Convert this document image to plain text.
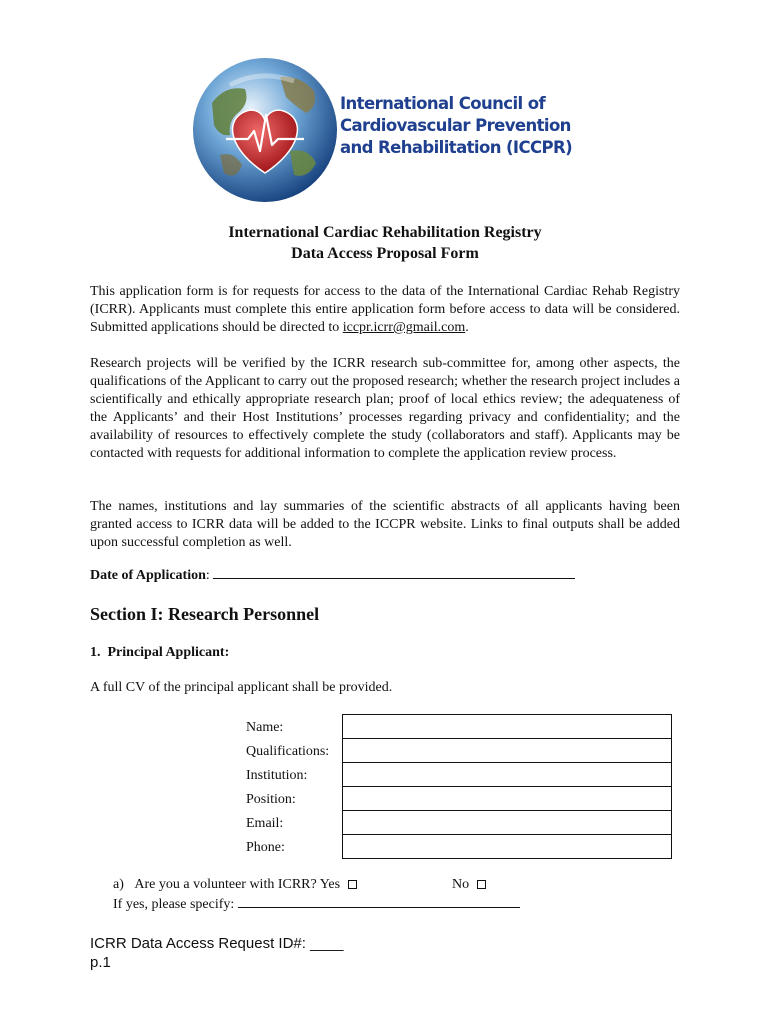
International Council of
Cardiovascular Prevention
and Rehabilitation (ICCPR)
International Cardiac Rehabilitation Registry
Data Access Proposal Form

This application form is for requests for access to the data of the International Cardiac Rehab Registry (ICRR). Applicants must complete this entire application form before access to data will be considered. Submitted applications should be directed to iccpr.icrr@gmail.com.

Research projects will be verified by the ICRR research sub-committee for, among other aspects, the qualifications of the Applicant to carry out the proposed research; whether the research project includes a scientifically and ethically appropriate research plan; proof of local ethics review; the adequateness of the Applicants’ and their Host Institutions’ processes regarding privacy and confidentiality; and the availability of resources to effectively complete the study (collaborators and staff). Applicants may be contacted with requests for additional information to complete the application review process.

The names, institutions and lay summaries of the scientific abstracts of all applicants having been granted access to ICRR data will be added to the ICCPR website. Links to final outputs shall be added upon successful completion as well.

Date of Application:
Section I: Research Personnel
1.  Principal Applicant:
A full CV of the principal applicant shall be provided.
Name:
Qualifications:
Institution:
Position:
Email:
Phone:
a)   Are you a volunteer with ICRR? Yes	No
If yes, please specify:
ICRR Data Access Request ID#: ____
p.1
